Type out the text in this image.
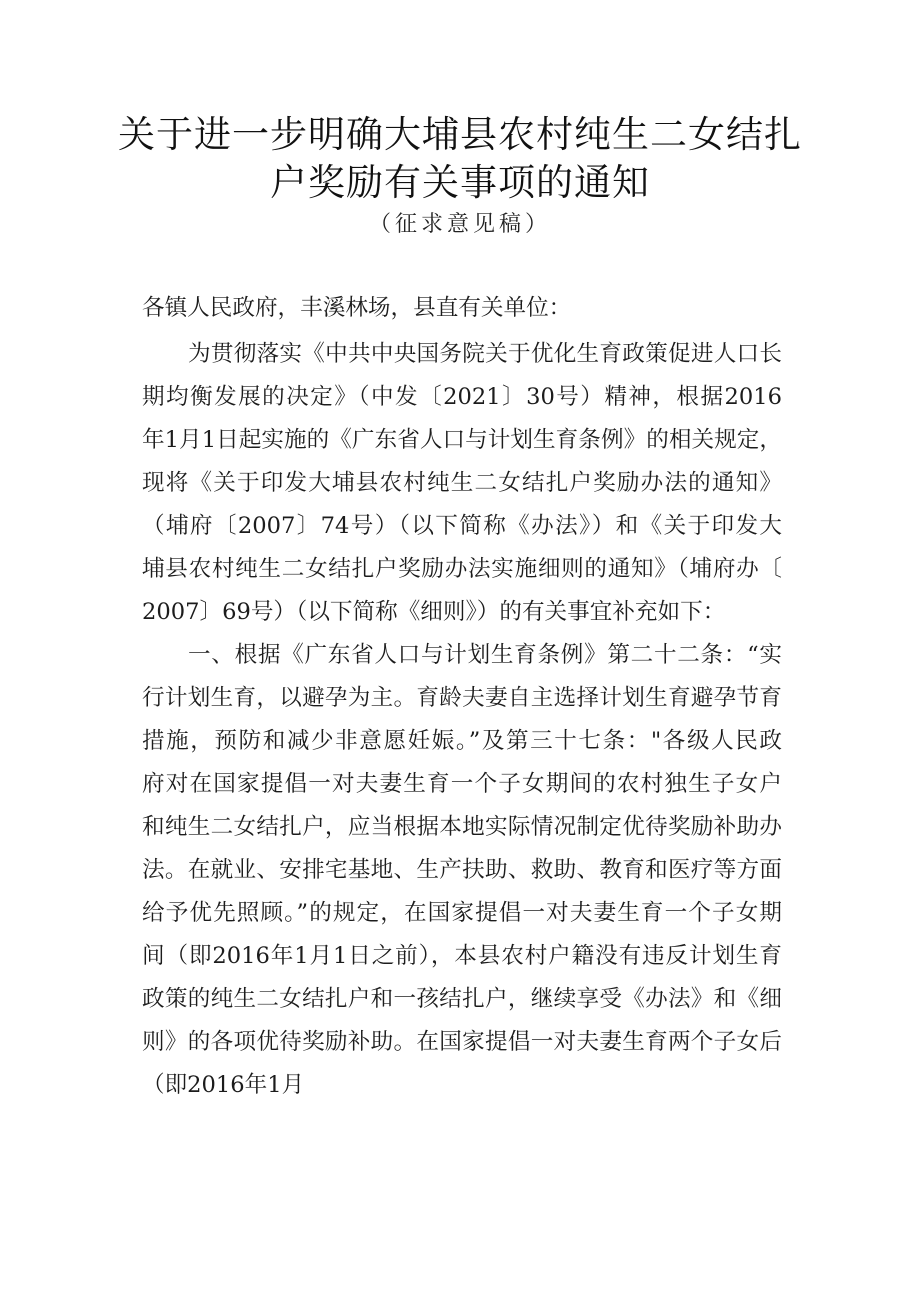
关于进一步明确大埔县农村纯生二女结扎
户奖励有关事项的通知
（征求意见稿）
各镇人民政府，丰溪林场，县直有关单位：
为贯彻落实《中共中央国务院关于优化生育政策促进人口长
期均衡发展的决定》（中发〔2021〕30号）精神，根据2016
年1月1日起实施的《广东省人口与计划生育条例》的相关规定，
现将《关于印发大埔县农村纯生二女结扎户奖励办法的通知》
（埔府〔2007〕74号）（以下简称《办法》）和《关于印发大
埔县农村纯生二女结扎户奖励办法实施细则的通知》（埔府办〔
2007〕69号）（以下简称《细则》）的有关事宜补充如下：
一、根据《广东省人口与计划生育条例》第二十二条：“实
行计划生育，以避孕为主。育龄夫妻自主选择计划生育避孕节育
措施，预防和减少非意愿妊娠。”及第三十七条："各级人民政
府对在国家提倡一对夫妻生育一个子女期间的农村独生子女户
和纯生二女结扎户，应当根据本地实际情况制定优待奖励补助办
法。在就业、安排宅基地、生产扶助、救助、教育和医疗等方面
给予优先照顾。”的规定，在国家提倡一对夫妻生育一个子女期
间（即2016年1月1日之前），本县农村户籍没有违反计划生育
政策的纯生二女结扎户和一孩结扎户，继续享受《办法》和《细
则》的各项优待奖励补助。在国家提倡一对夫妻生育两个子女后
（即2016年1月
